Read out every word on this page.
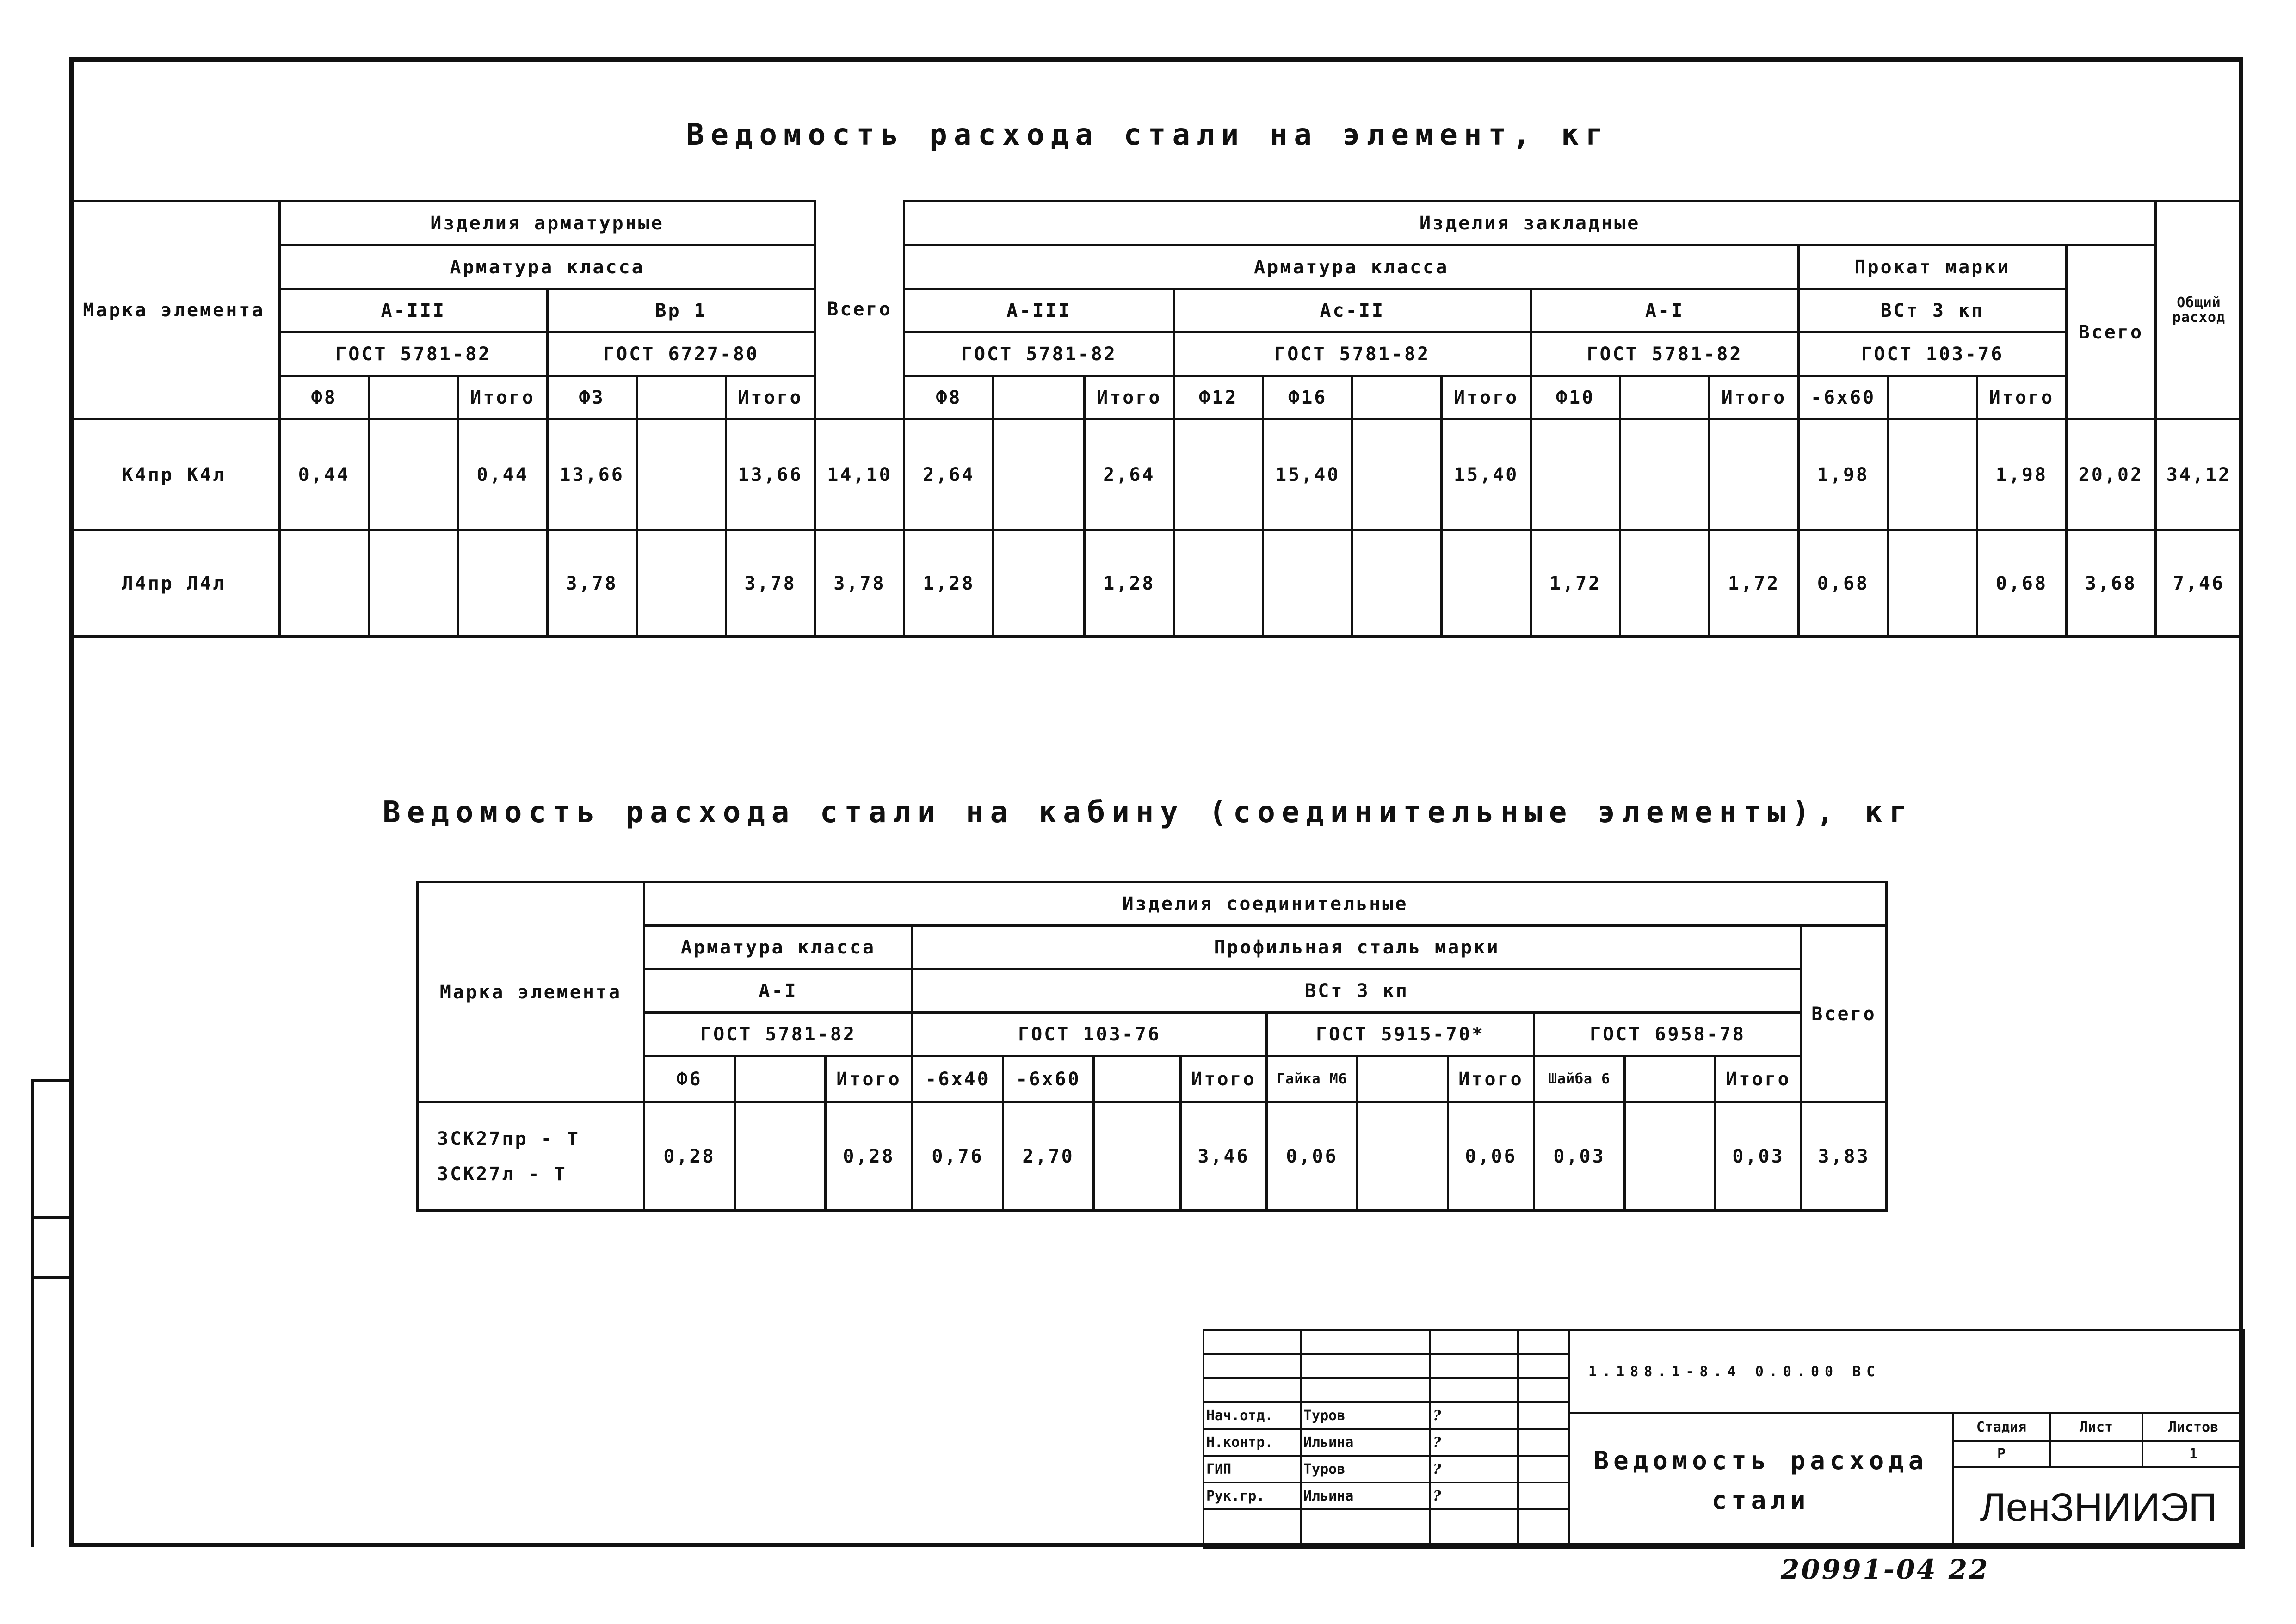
Ведомость расхода стали на элемент, кг
Марка элемента	Изделия арматурные						Всего	Изделия закладные														Общий расход
	Арматура класса							Арматура класса										Прокат марки			Всего	
	А-III			Вр 1				А-III			Ас-II				А-I			ВСт 3 кп				
	ГОСТ 5781-82			ГОСТ 6727-80				ГОСТ 5781-82			ГОСТ 5781-82				ГОСТ 5781-82			ГОСТ 103-76				
	Ф8		Итого	Ф3		Итого		Ф8		Итого	Ф12	Ф16		Итого	Ф10		Итого	-6x60		Итого		
К4пр К4л	0,44		0,44	13,66		13,66	14,10	2,64		2,64		15,40		15,40				1,98		1,98	20,02	34,12
Л4пр Л4л				3,78		3,78	3,78	1,28		1,28					1,72		1,72	0,68		0,68	3,68	7,46
Ведомость расхода стали на кабину (соединительные элементы), кг
Марка элемента	Изделия соединительные													
	Арматура класса			Профильная сталь марки										Всего
	А-I			ВСт 3 кп										
	ГОСТ 5781-82			ГОСТ 103-76				ГОСТ 5915-70*			ГОСТ 6958-78			
	Ф6		Итого	-6x40	-6x60		Итого	Гайка М6		Итого	Шайба 6		Итого	

ЗСК27пр - Т
ЗСК27л - Т	0,28		0,28	0,76	2,70		3,46	0,06		0,06	0,03		0,03	3,83

Нач.отд.	Туров	?	
Н.контр.	Ильина	?	
ГИП	Туров	?	
Рук.гр.	Ильина	?	

1.188.1-8.4 0.0.00 ВС			
Ведомость расхода стали	Стадия	Лист	Листов
	Р		1
	ЛенЗНИИЭП		
20991-04 22
